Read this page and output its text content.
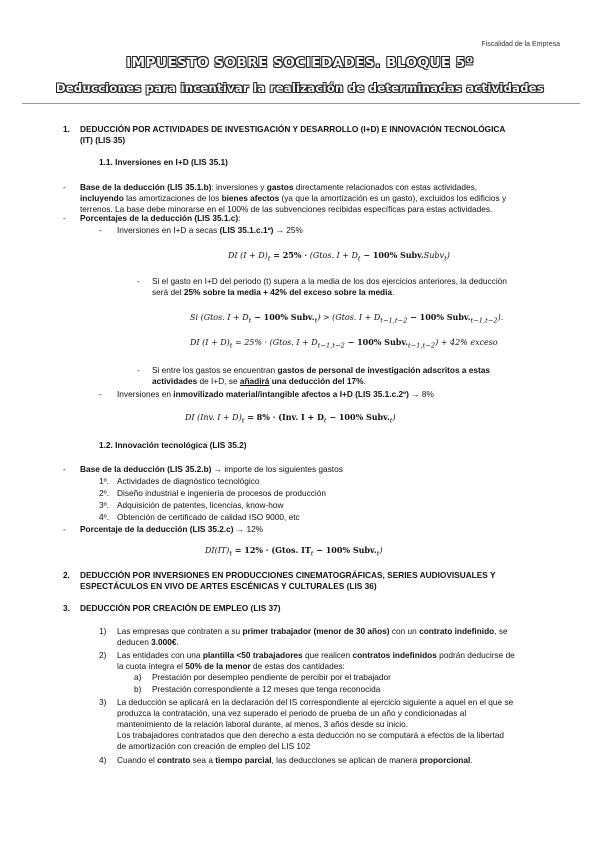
Fiscalidad de la Empresa
IMPUESTO SOBRE SOCIEDADES. BLOQUE 5º
Deducciones para incentivar la realización de determinadas actividades
1. DEDUCCIÓN POR ACTIVIDADES DE INVESTIGACIÓN Y DESARROLLO (I+D) E INNOVACIÓN TECNOLÓGICA
(IT) (LIS 35)
1.1. Inversiones en I+D (LIS 35.1)
- Base de la deducción (LIS 35.1.b): inversiones y gastos directamente relacionados con estas actividades,
incluyendo las amortizaciones de los bienes afectos (ya que la amortización es un gasto), excluidos los edificios y
terrenos. La base debe minorarse en el 100% de las subvenciones recibidas específicas para estas actividades.
- Porcentajes de la deducción (LIS 35.1.c):
- Inversiones en I+D a secas (LIS 35.1.c.1º) → 25%
DI $(I + D)_t = 25\%$ · (Gtos. $I + D_t - 100\%$ Subv.Subv$_t$)
- Si el gasto en I+D del periodo (t) supera a la media de los dos ejercicios anteriores, la deducción
será del 25% sobre la media + 42% del exceso sobre la media.
Si (Gtos. $I + D_t - 100\%$ $Subv._t$) > (Gtos. $I + D_{t-1,t-2} - 100\%$ $Subv._{t-1,t-2}$).
DI $(I + D)_t = 25\%$ · (Gtos. $I + D_{t-1,t-2} - 100\%$ $Subv._{t-1,t-2}) + 42\%$ exceso
- Si entre los gastos se encuentran gastos de personal de investigación adscritos a estas
actividades de I+D, se añadirá una deducción del 17%.
- Inversiones en inmovilizado material/intangible afectos a I+D (LIS 35.1.c.2º) → 8%
DI (Inv. $I + D)_t = 8\% \cdot (Inv$. $I + D_t - 100\%$ $Subv._t$)
1.2. Innovación tecnológica (LIS 35.2)
- Base de la deducción (LIS 35.2.b) → importe de los siguientes gastos
1º. Actividades de diagnóstico tecnológico
2º. Diseño industrial e ingeniería de procesos de producción
3º. Adquisición de patentes, licencias, know-how
4º. Obtención de certificado de calidad ISO 9000, etc
- Porcentaje de la deducción (LIS 35.2.c) → 12%
$DI(IT)_t = 12\%$ · (Gtos. $IT_t - 100\%$ $Subv._t$)
2. DEDUCCIÓN POR INVERSIONES EN PRODUCCIONES CINEMATOGRÁFICAS, SERIES AUDIOVISUALES Y
ESPECTÁCULOS EN VIVO DE ARTES ESCÉNICAS Y CULTURALES (LIS 36)
3. DEDUCCIÓN POR CREACIÓN DE EMPLEO (LIS 37)
1) Las empresas que contraten a su primer trabajador (menor de 30 años) con un contrato indefinido, se
deducen 3.000€.
2) Las entidades con una plantilla <50 trabajadores que realicen contratos indefinidos podrán deducirse de
la cuota íntegra el 50% de la menor de estas dos cantidades:
a) Prestación por desempleo pendiente de percibir por el trabajador
b) Prestación correspondiente a 12 meses que tenga reconocida
3) La deducción se aplicará en la declaración del IS correspondiente al ejercicio siguiente a aquel en el que se
produzca la contratación, una vez superado el periodo de prueba de un año y condicionadas al
mantenimiento de la relación laboral durante, al menos, 3 años desde su inicio.
Los trabajadores contratados que den derecho a esta deducción no se computará a efectos de la libertad
de amortización con creación de empleo del LIS 102
4) Cuando el contrato sea a tiempo parcial, las deducciones se aplican de manera proporcional.
